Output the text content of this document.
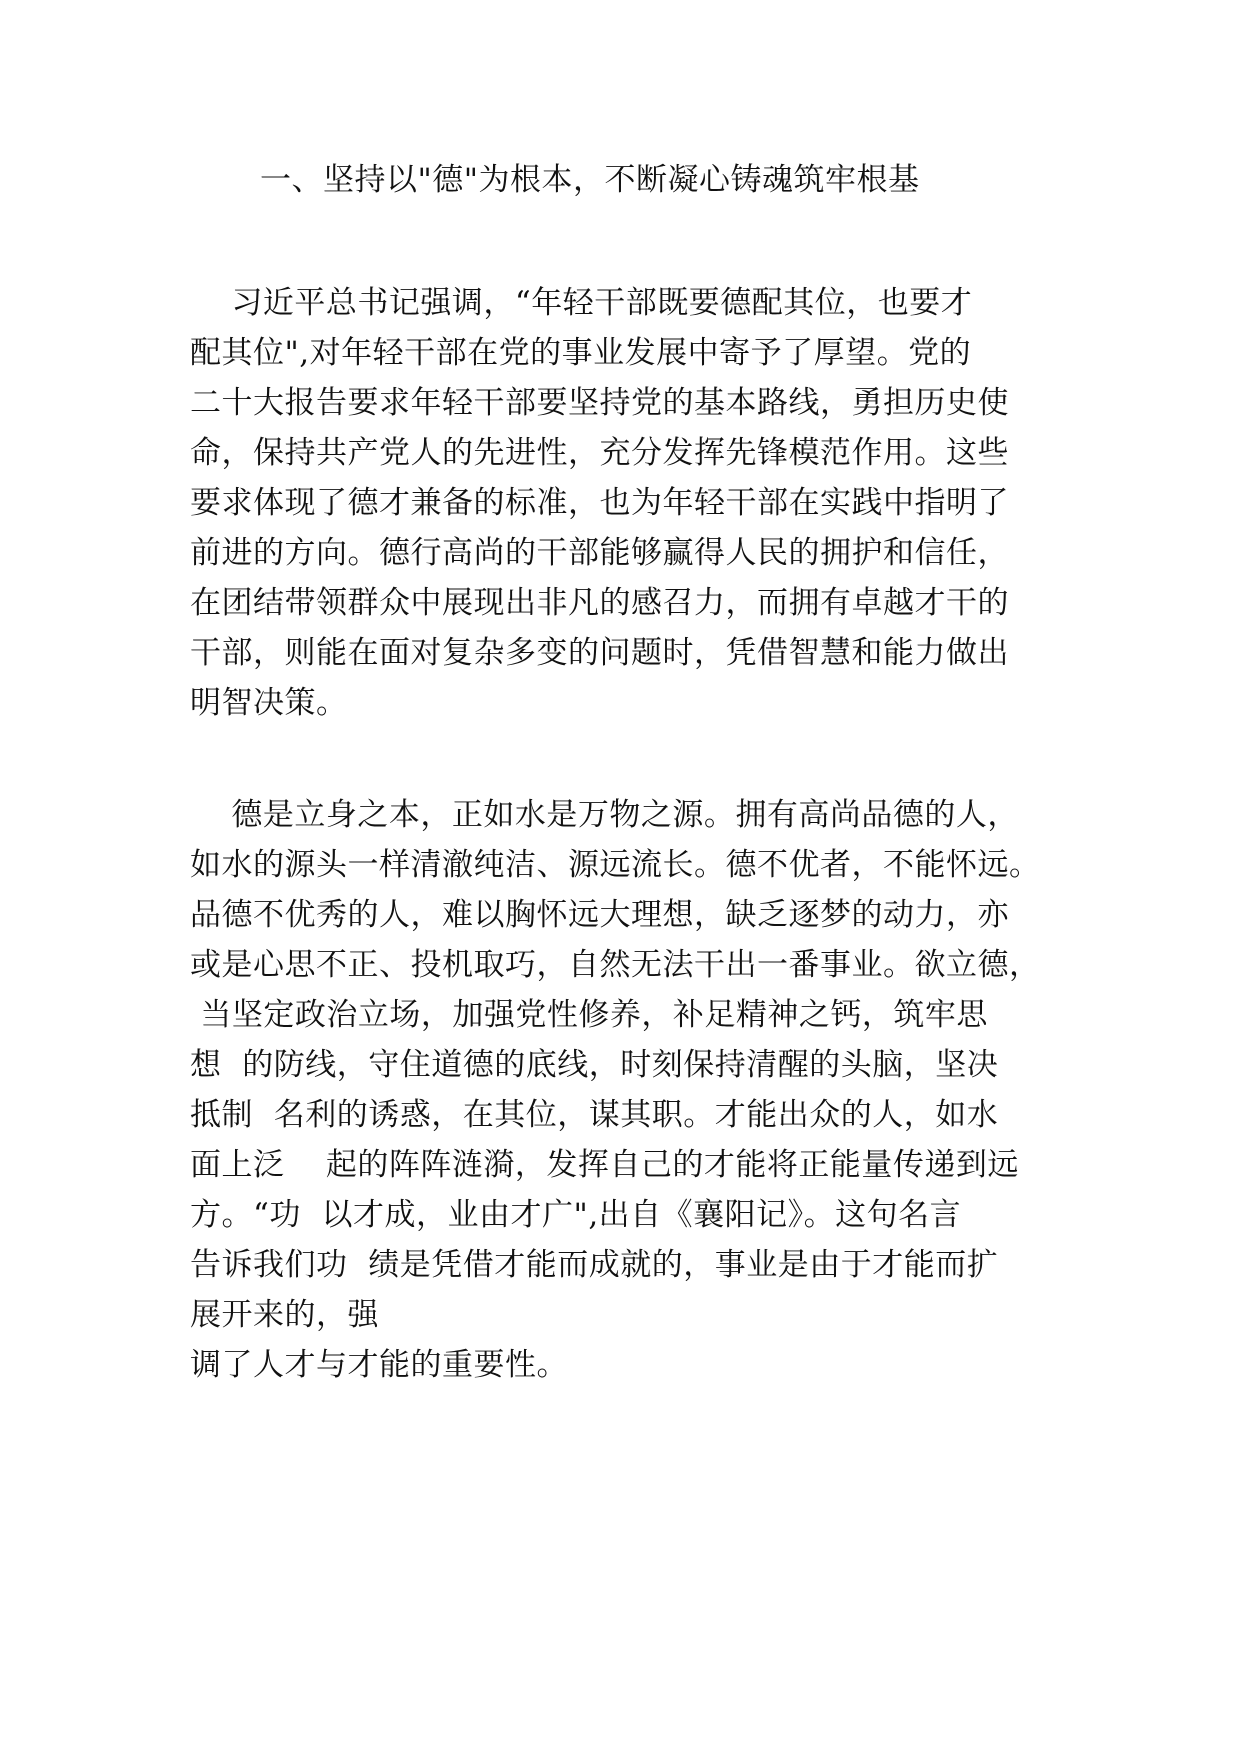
一、坚持以"德"为根本，不断凝心铸魂筑牢根基
习近平总书记强调，“年轻干部既要德配其位，也要才
配其位",对年轻干部在党的事业发展中寄予了厚望。党的
二十大报告要求年轻干部要坚持党的基本路线，勇担历史使
命，保持共产党人的先进性，充分发挥先锋模范作用。这些
要求体现了德才兼备的标准，也为年轻干部在实践中指明了
前进的方向。德行高尚的干部能够赢得人民的拥护和信任，
在团结带领群众中展现出非凡的感召力，而拥有卓越才干的
干部，则能在面对复杂多变的问题时，凭借智慧和能力做出
明智决策。
德是立身之本，正如水是万物之源。拥有高尚品德的人，
如水的源头一样清澈纯洁、源远流长。德不优者，不能怀远。
品德不优秀的人，难以胸怀远大理想，缺乏逐梦的动力，亦
或是心思不正、投机取巧，自然无法干出一番事业。欲立德，
当坚定政治立场，加强党性修养，补足精神之钙，筑牢思
想  的防线，守住道德的底线，时刻保持清醒的头脑，坚决
抵制  名利的诱惑，在其位，谋其职。才能出众的人，如水
面上泛    起的阵阵涟漪，发挥自己的才能将正能量传递到远
方。“功  以才成，业由才广",出自《襄阳记》。这句名言
告诉我们功  绩是凭借才能而成就的，事业是由于才能而扩
展开来的，强
调了人才与才能的重要性。
